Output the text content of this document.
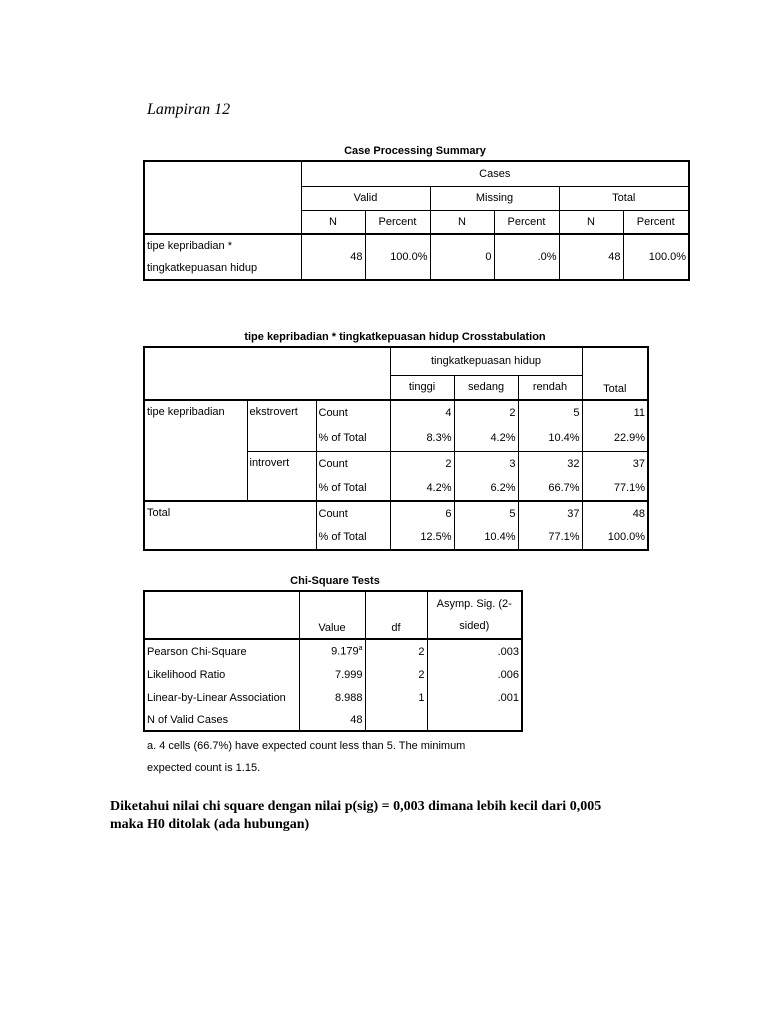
Lampiran 12
Case Processing Summary
	Cases					
	Valid		Missing		Total	
	N	Percent	N	Percent	N	Percent
tipe kepribadian *
tingkatkepuasan hidup	48	100.0%	0	.0%	48	100.0%
tipe kepribadian * tingkatkepuasan hidup Crosstabulation
			tingkatkepuasan hidup			Total
			tinggi	sedang	rendah	
tipe kepribadian	ekstrovert	Count	4	2	5	11
		% of Total	8.3%	4.2%	10.4%	22.9%
	introvert	Count	2	3	32	37
		% of Total	4.2%	6.2%	66.7%	77.1%
Total		Count	6	5	37	48
		% of Total	12.5%	10.4%	77.1%	100.0%
Chi-Square Tests
	Value	df	Asymp. Sig. (2-
sided)
Pearson Chi-Square	9.179$^a$	2	.003
Likelihood Ratio	7.999	2	.006
Linear-by-Linear Association	8.988	1	.001
N of Valid Cases	48		
a. 4 cells (66.7%) have expected count less than 5. The minimum
expected count is 1.15.
Diketahui nilai chi square dengan nilai p(sig) = 0,003 dimana lebih kecil dari 0,005
maka H0 ditolak (ada hubungan)
